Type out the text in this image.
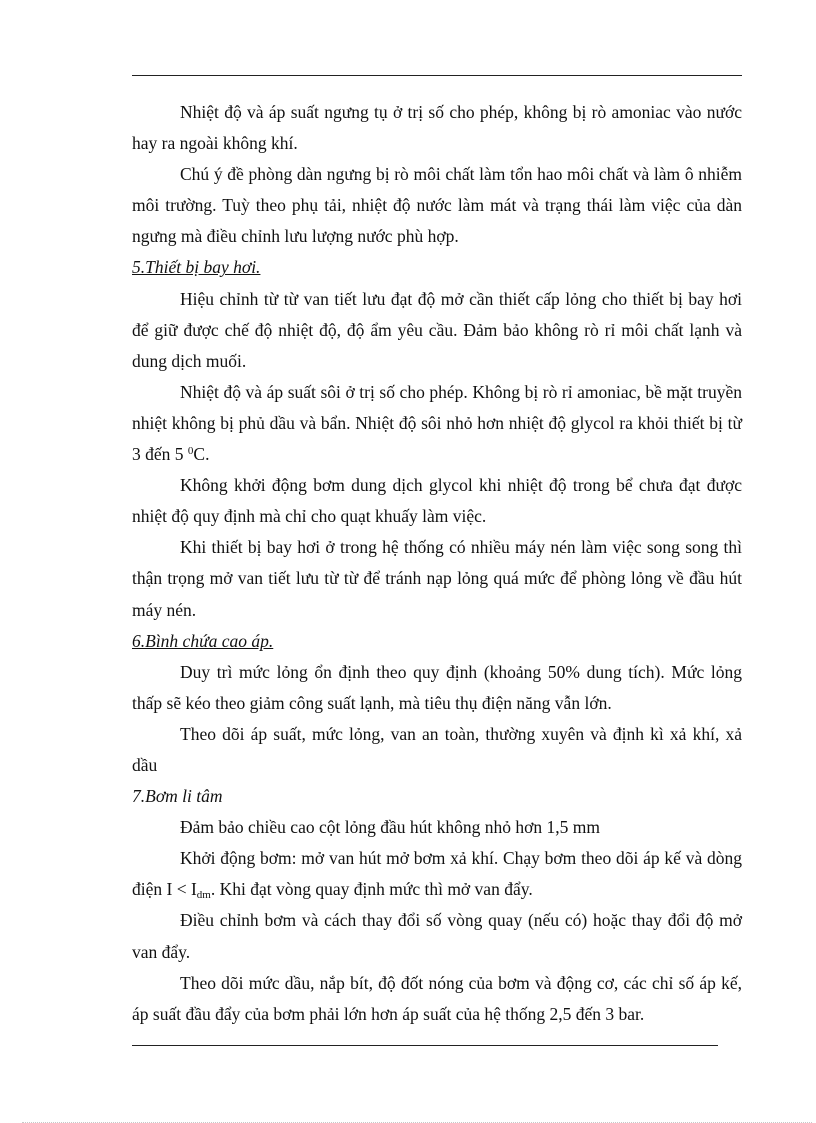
Nhiệt độ và áp suất ngưng tụ ở trị số cho phép, không bị rò amoniac vào nước hay ra ngoài không khí.

Chú ý đề phòng dàn ngưng bị rò môi chất làm tổn hao môi chất và làm ô nhiễm môi trường. Tuỳ theo phụ tải, nhiệt độ nước làm mát và trạng thái làm việc của dàn ngưng mà điều chỉnh lưu lượng nước phù hợp.

5.Thiết bị bay hơi.

Hiệu chỉnh từ từ van tiết lưu đạt độ mở cần thiết cấp lỏng cho thiết bị bay hơi để giữ được chế độ nhiệt độ, độ ẩm yêu cầu. Đảm bảo không rò rỉ môi chất lạnh và dung dịch muối.

Nhiệt độ và áp suất sôi ở trị số cho phép. Không bị rò rỉ amoniac, bề mặt truyền nhiệt không bị phủ dầu và bẩn. Nhiệt độ sôi nhỏ hơn nhiệt độ glycol ra khỏi thiết bị từ 3 đến 5 $^0$C.

Không khởi động bơm dung dịch glycol khi nhiệt độ trong bể chưa đạt được nhiệt độ quy định mà chỉ cho quạt khuấy làm việc.

Khi thiết bị bay hơi ở trong hệ thống có nhiều máy nén làm việc song song thì thận trọng mở van tiết lưu từ từ để tránh nạp lỏng quá mức để phòng lỏng về đầu hút máy nén.

6.Bình chứa cao áp.

Duy trì mức lỏng ổn định theo quy định (khoảng 50% dung tích). Mức lỏng thấp sẽ kéo theo giảm công suất lạnh, mà tiêu thụ điện năng vẫn lớn.

Theo dõi áp suất, mức lỏng, van an toàn, thường xuyên và định kì xả khí, xả dầu

7.Bơm li tâm

Đảm bảo chiều cao cột lỏng đầu hút không nhỏ hơn 1,5 mm

Khởi động bơm: mở van hút mở bơm xả khí. Chạy bơm theo dõi áp kế và dòng điện $I < I_{dm}$. Khi đạt vòng quay định mức thì mở van đẩy.

Điều chỉnh bơm và cách thay đổi số vòng quay (nếu có) hoặc thay đổi độ mở van đẩy.

Theo dõi mức dầu, nắp bít, độ đốt nóng của bơm và động cơ, các chỉ số áp kế, áp suất đầu đẩy của bơm phải lớn hơn áp suất của hệ thống 2,5 đến 3 bar.
